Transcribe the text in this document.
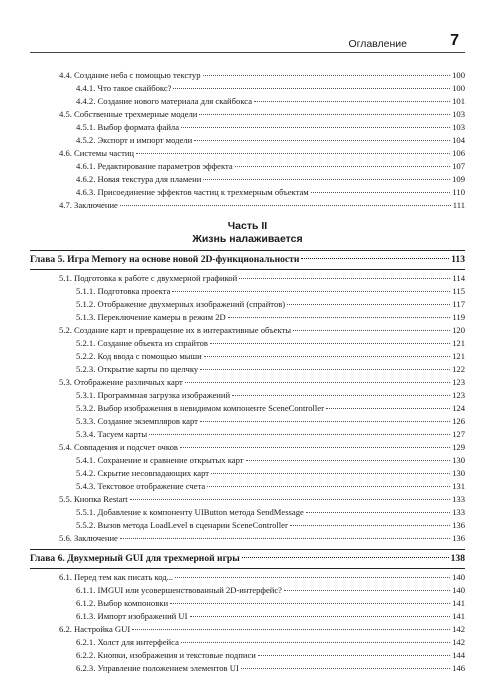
Оглавление	7
4.4. Создание неба с помощью текстур	100
4.4.1. Что такое скайбокс?	100
4.4.2. Создание нового материала для скайбокса	101
4.5. Собственные трехмерные модели	103
4.5.1. Выбор формата файла	103
4.5.2. Экспорт и импорт модели	104
4.6. Системы частиц	106
4.6.1. Редактирование параметров эффекта	107
4.6.2. Новая текстура для пламени	109
4.6.3. Присоединение эффектов частиц к трехмерным объектам	110
4.7. Заключение	111
Часть II
Жизнь налаживается
Глава 5. Игра Memory на основе новой 2D-функциональности	113
5.1. Подготовка к работе с двухмерной графикой	114
5.1.1. Подготовка проекта	115
5.1.2. Отображение двухмерных изображений (спрайтов)	117
5.1.3. Переключение камеры в режим 2D	119
5.2. Создание карт и превращение их в интерактивные объекты	120
5.2.1. Создание объекта из спрайтов	121
5.2.2. Код ввода с помощью мыши	121
5.2.3. Открытие карты по щелчку	122
5.3. Отображение различных карт	123
5.3.1. Программная загрузка изображений	123
5.3.2. Выбор изображения в невидимом компоненте SceneController	124
5.3.3. Создание экземпляров карт	126
5.3.4. Тасуем карты	127
5.4. Совпадения и подсчет очков	129
5.4.1. Сохранение и сравнение открытых карт	130
5.4.2. Скрытие несовпадающих карт	130
5.4.3. Текстовое отображение счета	131
5.5. Кнопка Restart	133
5.5.1. Добавление к компоненту UIButton метода SendMessage	133
5.5.2. Вызов метода LoadLevel в сценарии SceneController	136
5.6. Заключение	136
Глава 6. Двухмерный GUI для трехмерной игры	138
6.1. Перед тем как писать код...	140
6.1.1. IMGUI или усовершенствованный 2D-интерфейс?	140
6.1.2. Выбор компоновки	141
6.1.3. Импорт изображений UI	141
6.2. Настройка GUI	142
6.2.1. Холст для интерфейса	142
6.2.2. Кнопки, изображения и текстовые подписи	144
6.2.3. Управление положением элементов UI	146
